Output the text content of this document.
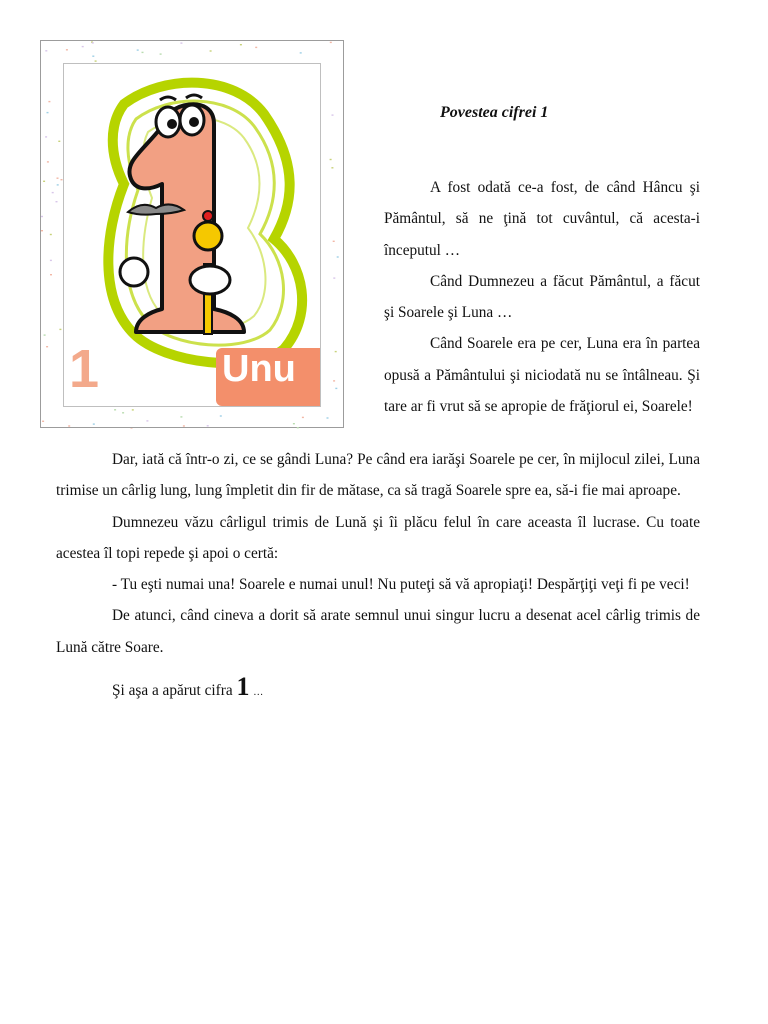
1	Unu
Povestea cifrei 1

A fost odată ce-a fost, de când Hâncu şi Pământul, să ne ţină tot cuvântul, că acesta-i începutul …

Când Dumnezeu a făcut Pământul, a făcut şi Soarele şi Luna …

Când Soarele era pe cer, Luna era în partea opusă a Pământului şi niciodată nu se întâlneau. Şi tare ar fi vrut să se apropie de frăţiorul ei, Soarele!

Dar, iată că într-o zi, ce se gândi Luna? Pe când era iarăşi Soarele pe cer, în mijlocul zilei, Luna trimise un cârlig lung, lung împletit din fir de mătase, ca să tragă Soarele spre ea, să-i fie mai aproape.

Dumnezeu văzu cârligul trimis de Lună şi îi plăcu felul în care aceasta îl lucrase. Cu toate acestea îl topi repede şi apoi o certă:

- Tu eşti numai una! Soarele e numai unul! Nu puteţi să vă apropiaţi! Despărţiţi veţi fi pe veci!

De atunci, când cineva a dorit să arate semnul unui singur lucru a desenat acel cârlig trimis de Lună către Soare.

Şi aşa a apărut cifra 1 …
